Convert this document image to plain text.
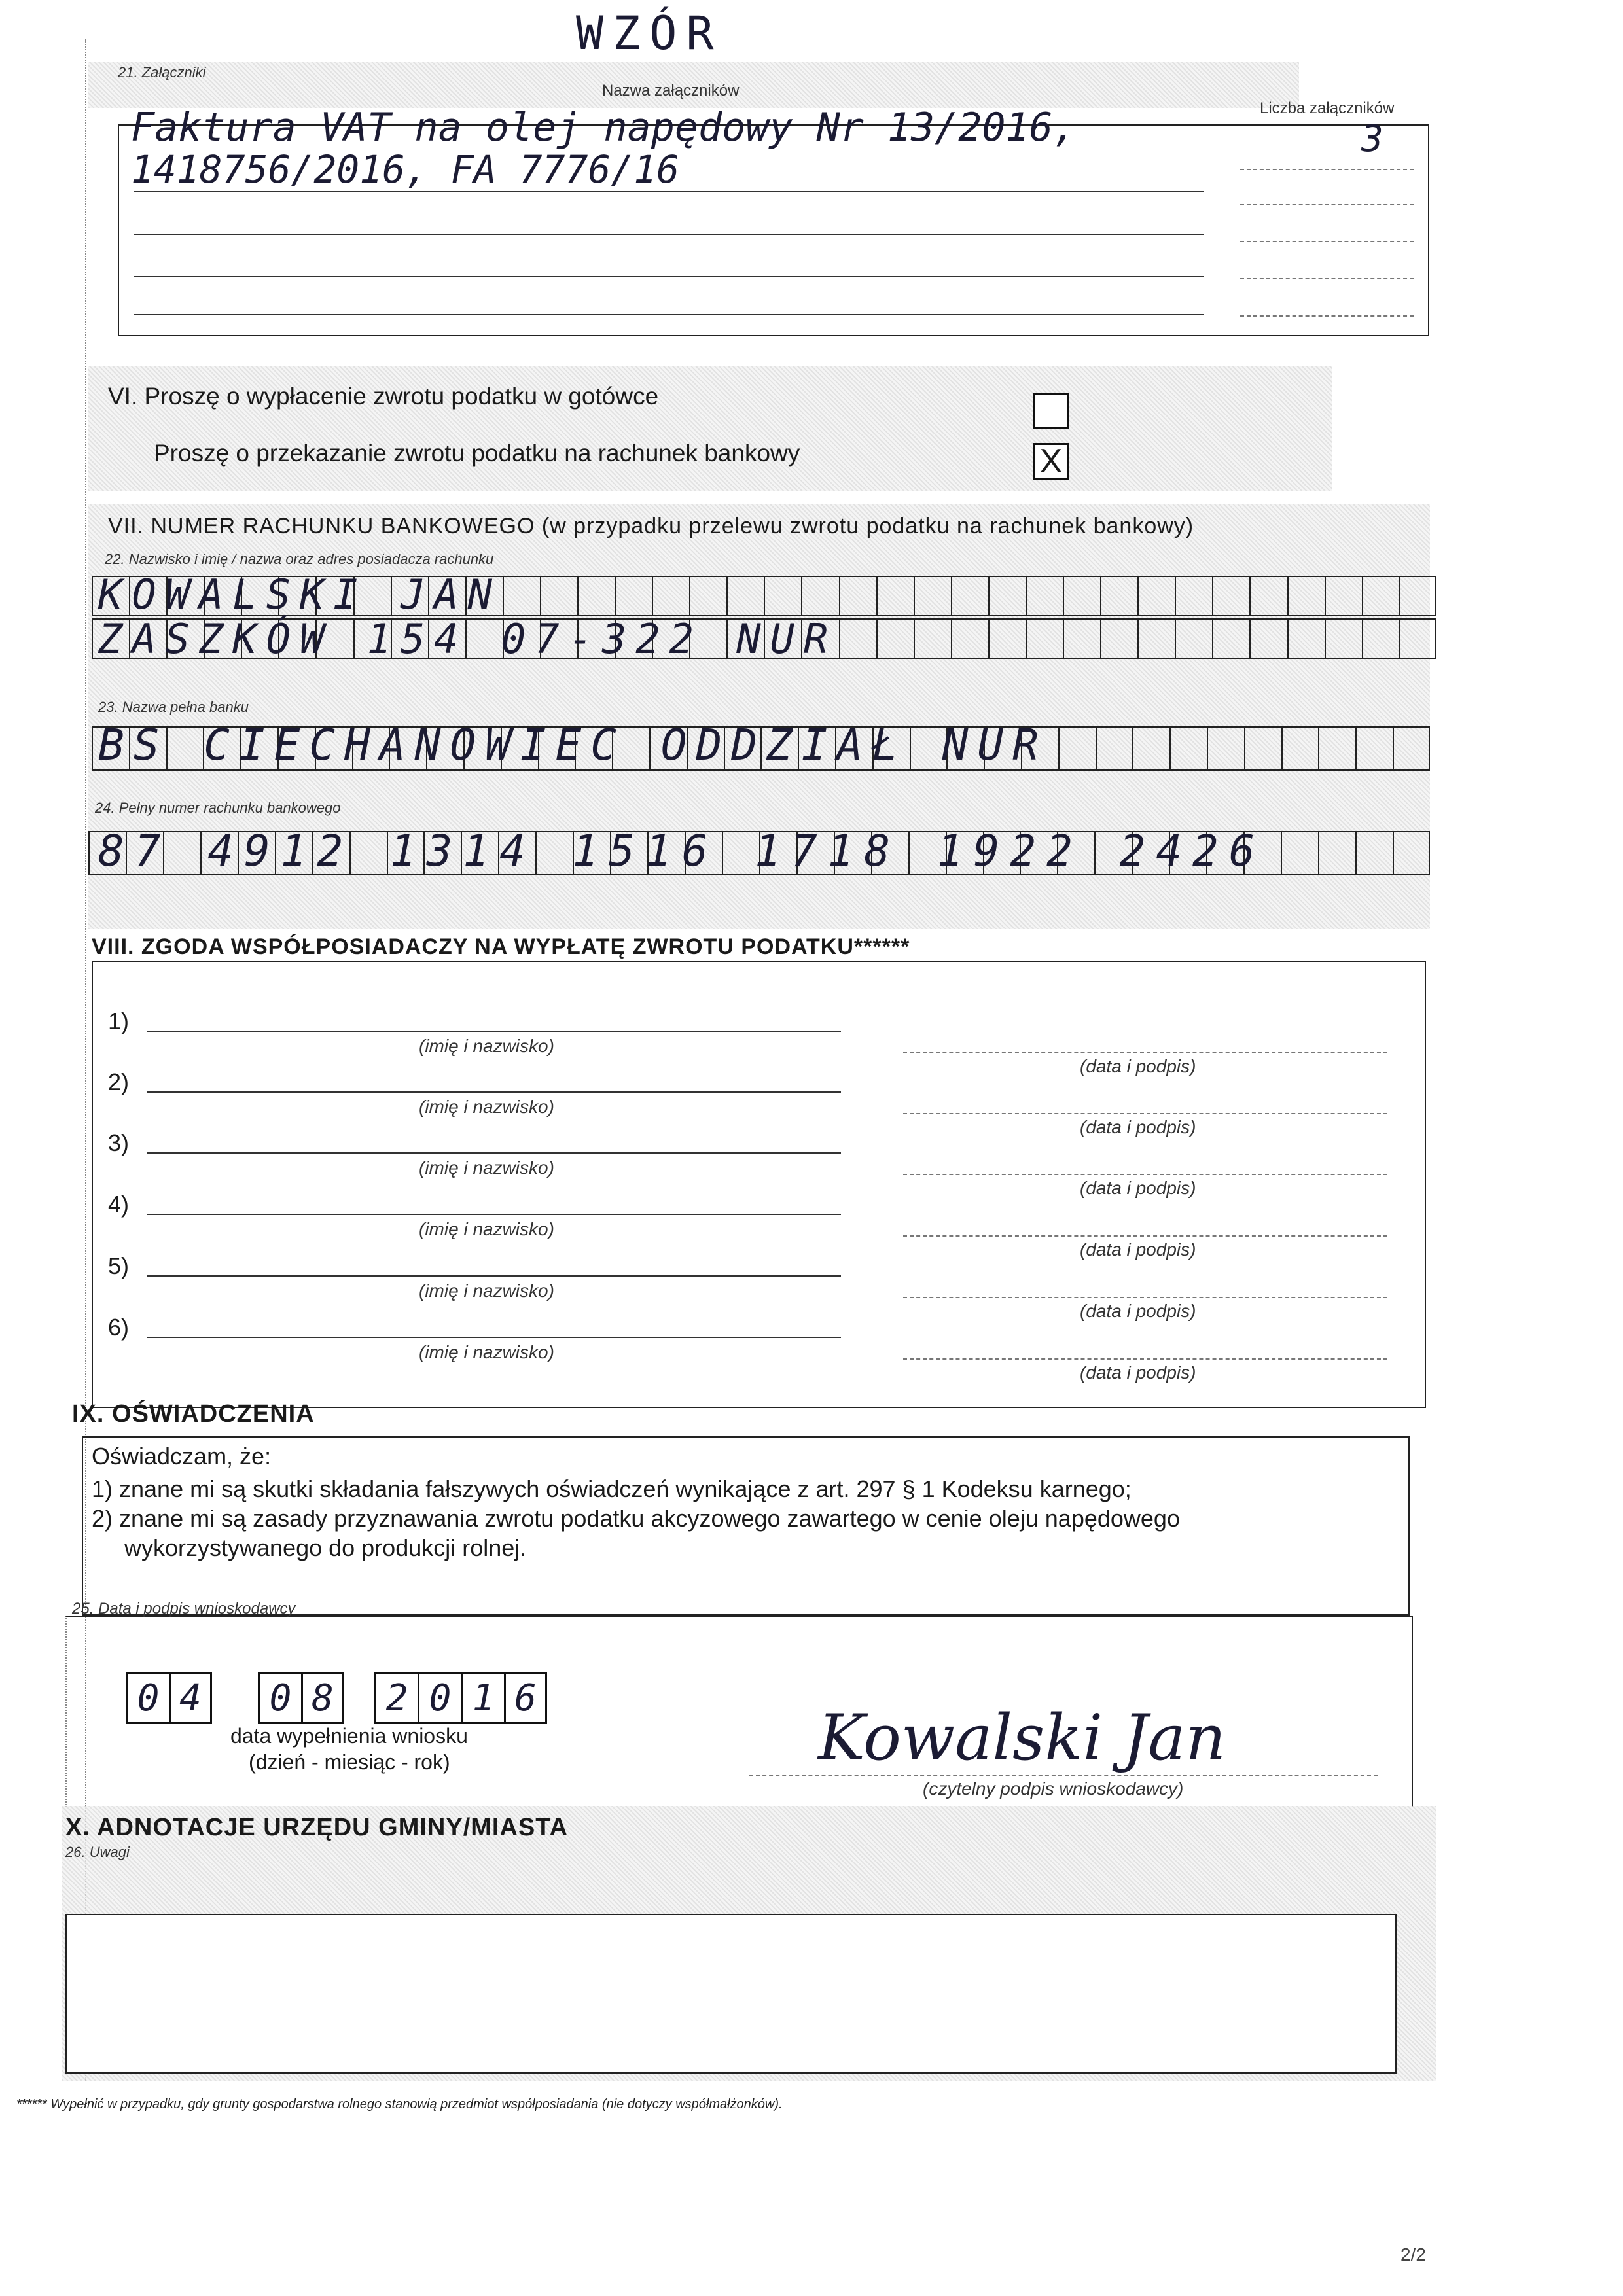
WZÓR
21. Załączniki
Nazwa załączników
Liczba załączników
Faktura VAT na olej napędowy Nr 13/2016,
1418756/2016, FA 7776/16
3
VI. Proszę o wypłacenie zwrotu podatku w gotówce
Proszę o przekazanie zwrotu podatku na rachunek bankowy	X
VII. NUMER RACHUNKU BANKOWEGO (w przypadku przelewu zwrotu podatku na rachunek bankowy)
22. Nazwisko i imię / nazwa oraz adres posiadacza rachunku
KOWALSKI JAN
ZASZKÓW 154 07-322 NUR
23. Nazwa pełna banku
BS CIECHANOWIEC ODDZIAŁ NUR
24. Pełny numer rachunku bankowego
87 4912 1314 1516 1718 1922 2426
VIII. ZGODA WSPÓŁPOSIADACZY NA WYPŁATĘ ZWROTU PODATKU******
1)
(imię i nazwisko)
(data i podpis)
2)
(imię i nazwisko)
(data i podpis)
3)
(imię i nazwisko)
(data i podpis)
4)
(imię i nazwisko)
(data i podpis)
5)
(imię i nazwisko)
(data i podpis)
6)
(imię i nazwisko)
(data i podpis)
IX. OŚWIADCZENIA
Oświadczam, że:
1) znane mi są skutki składania fałszywych oświadczeń wynikające z art. 297 § 1 Kodeksu karnego;
2) znane mi są zasady przyznawania zwrotu podatku akcyzowego zawartego w cenie oleju napędowego
wykorzystywanego do produkcji rolnej.
25. Data i podpis wnioskodawcy
0 4	0 8	2 0 1 6
data wypełnienia wniosku
(dzień - miesiąc - rok)	Kowalski Jan
(czytelny podpis wnioskodawcy)
X. ADNOTACJE URZĘDU GMINY/MIASTA
26. Uwagi
****** Wypełnić w przypadku, gdy grunty gospodarstwa rolnego stanowią przedmiot współposiadania (nie dotyczy współmałżonków).
2/2
